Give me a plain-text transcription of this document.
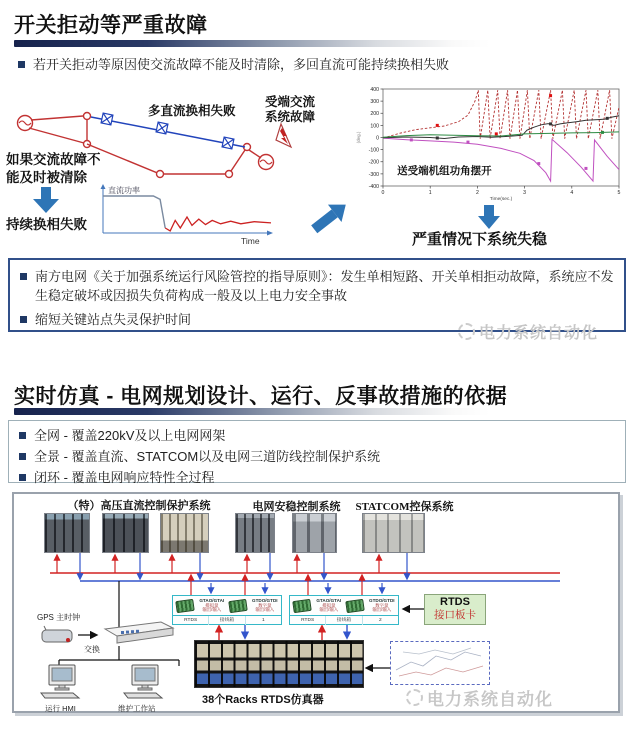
开关拒动等严重故障
若开关拒动等原因使交流故障不能及时清除，多回直流可能持续换相失败
多直流换相失败
受端交流
系统故障
如果交流故障不
能及时被清除
持续换相失败
直流功率
Time
400
300
200
100
0
-100
-200
-300
-400
0	1	2	3	4	5
Time(sec.)
(deg.)
送受端机组功角摆开
严重情况下系统失稳
南方电网《关于加强系统运行风险管控的指导原则》：发生单相短路、开关单相拒动故障，系统应不发生稳定破坏或因损失负荷构成一般及以上电力安全事故
缩短关键站点失灵保护时间
电力系统自动化
实时仿真 - 电网规划设计、运行、反事故措施的依据
全网 - 覆盖220kV及以上电网网架
全景 - 覆盖直流、STATCOM以及电网三道防线控制保护系统
闭环 - 覆盖电网响应特性全过程
（特）高压直流控制保护系统	电网安稳控制系统	STATCOM控保系统
GPS 主时钟
交换
GTAO/GTAI
模拟量
输出/输入
GTDO/GTDI
数字量
输出/输入
RTDS	接线箱	1
GTAO/GTAI
模拟量
输出/输入
GTDO/GTDI
数字量
输出/输入
RTDS	接线箱	2
RTDS
接口板卡
38个Racks RTDS仿真器
运行 HMI	维护工作站	电力系统自动化
